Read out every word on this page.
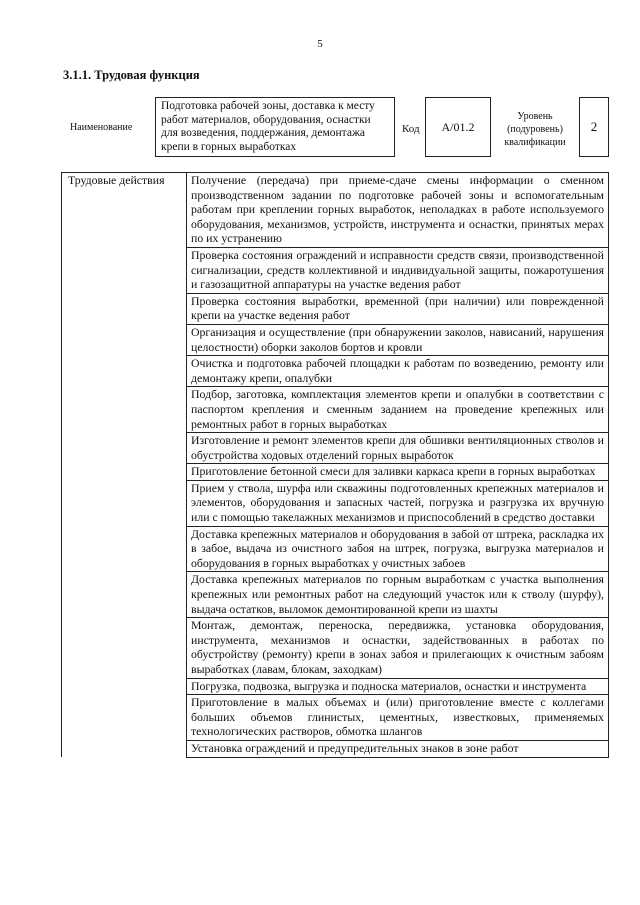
5
3.1.1. Трудовая функция
Наименование
Подготовка рабочей зоны, доставка к месту работ материалов, оборудования, оснастки для возведения, поддержания, демонтажа крепи в горных выработках
Код	A/01.2
Уровень (подуровень) квалификации
2
Трудовые действия	Получение (передача) при приеме-сдаче смены информации о сменном производственном задании по подготовке рабочей зоны и вспомогательным работам при креплении горных выработок, неполадках в работе используемого оборудования, механизмов, устройств, инструмента и оснастки, принятых мерах по их устранению
Проверка состояния ограждений и исправности средств связи, производственной сигнализации, средств коллективной и индивидуальной защиты, пожаротушения и газозащитной аппаратуры на участке ведения работ
Проверка состояния выработки, временной (при наличии) или поврежденной крепи на участке ведения работ
Организация и осуществление (при обнаружении заколов, нависаний, нарушения целостности) оборки заколов бортов и кровли
Очистка и подготовка рабочей площадки к работам по возведению, ремонту или демонтажу крепи, опалубки
Подбор, заготовка, комплектация элементов крепи и опалубки в соответствии с паспортом крепления и сменным заданием на проведение крепежных или ремонтных работ в горных выработках
Изготовление и ремонт элементов крепи для обшивки вентиляционных стволов и обустройства ходовых отделений горных выработок
Приготовление бетонной смеси для заливки каркаса крепи в горных выработках
Прием у ствола, шурфа или скважины подготовленных крепежных материалов и элементов, оборудования и запасных частей, погрузка и разгрузка их вручную или с помощью такелажных механизмов и приспособлений в средство доставки
Доставка крепежных материалов и оборудования в забой от штрека, раскладка их в забое, выдача из очистного забоя на штрек, погрузка, выгрузка материалов и оборудования в горных выработках у очистных забоев
Доставка крепежных материалов по горным выработкам с участка выполнения крепежных или ремонтных работ на следующий участок или к стволу (шурфу), выдача остатков, выломок демонтированной крепи из шахты
Монтаж, демонтаж, переноска, передвижка, установка оборудования, инструмента, механизмов и оснастки, задействованных в работах по обустройству (ремонту) крепи в зонах забоя и прилегающих к очистным забоям выработках (лавам, блокам, заходкам)
Погрузка, подвозка, выгрузка и подноска материалов, оснастки и инструмента
Приготовление в малых объемах и (или) приготовление вместе с коллегами больших объемов глинистых, цементных, известковых, применяемых технологических растворов, обмотка шлангов
Установка ограждений и предупредительных знаков в зоне работ
